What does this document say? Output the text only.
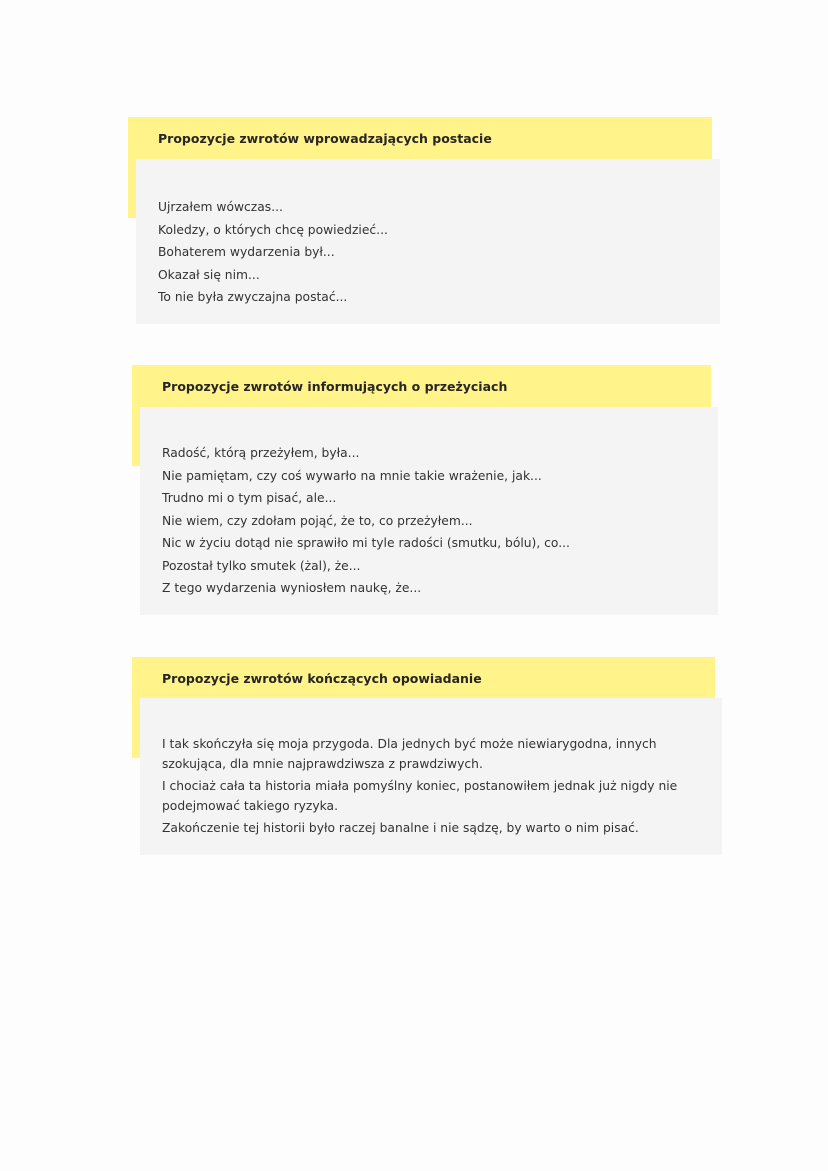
Propozycje zwrotów wprowadzających postacie
Ujrzałem wówczas...
Koledzy, o których chcę powiedzieć...
Bohaterem wydarzenia był...
Okazał się nim...
To nie była zwyczajna postać...
Propozycje zwrotów informujących o przeżyciach
Radość, którą przeżyłem, była...
Nie pamiętam, czy coś wywarło na mnie takie wrażenie, jak...
Trudno mi o tym pisać, ale...
Nie wiem, czy zdołam pojąć, że to, co przeżyłem...
Nic w życiu dotąd nie sprawiło mi tyle radości (smutku, bólu), co...
Pozostał tylko smutek (żal), że...
Z tego wydarzenia wyniosłem naukę, że...
Propozycje zwrotów kończących opowiadanie
I tak skończyła się moja przygoda. Dla jednych być może niewiarygodna, innych szokująca, dla mnie najprawdziwsza z prawdziwych.
I chociaż cała ta historia miała pomyślny koniec, postanowiłem jednak już nigdy nie podejmować takiego ryzyka.
Zakończenie tej historii było raczej banalne i nie sądzę, by warto o nim pisać.
